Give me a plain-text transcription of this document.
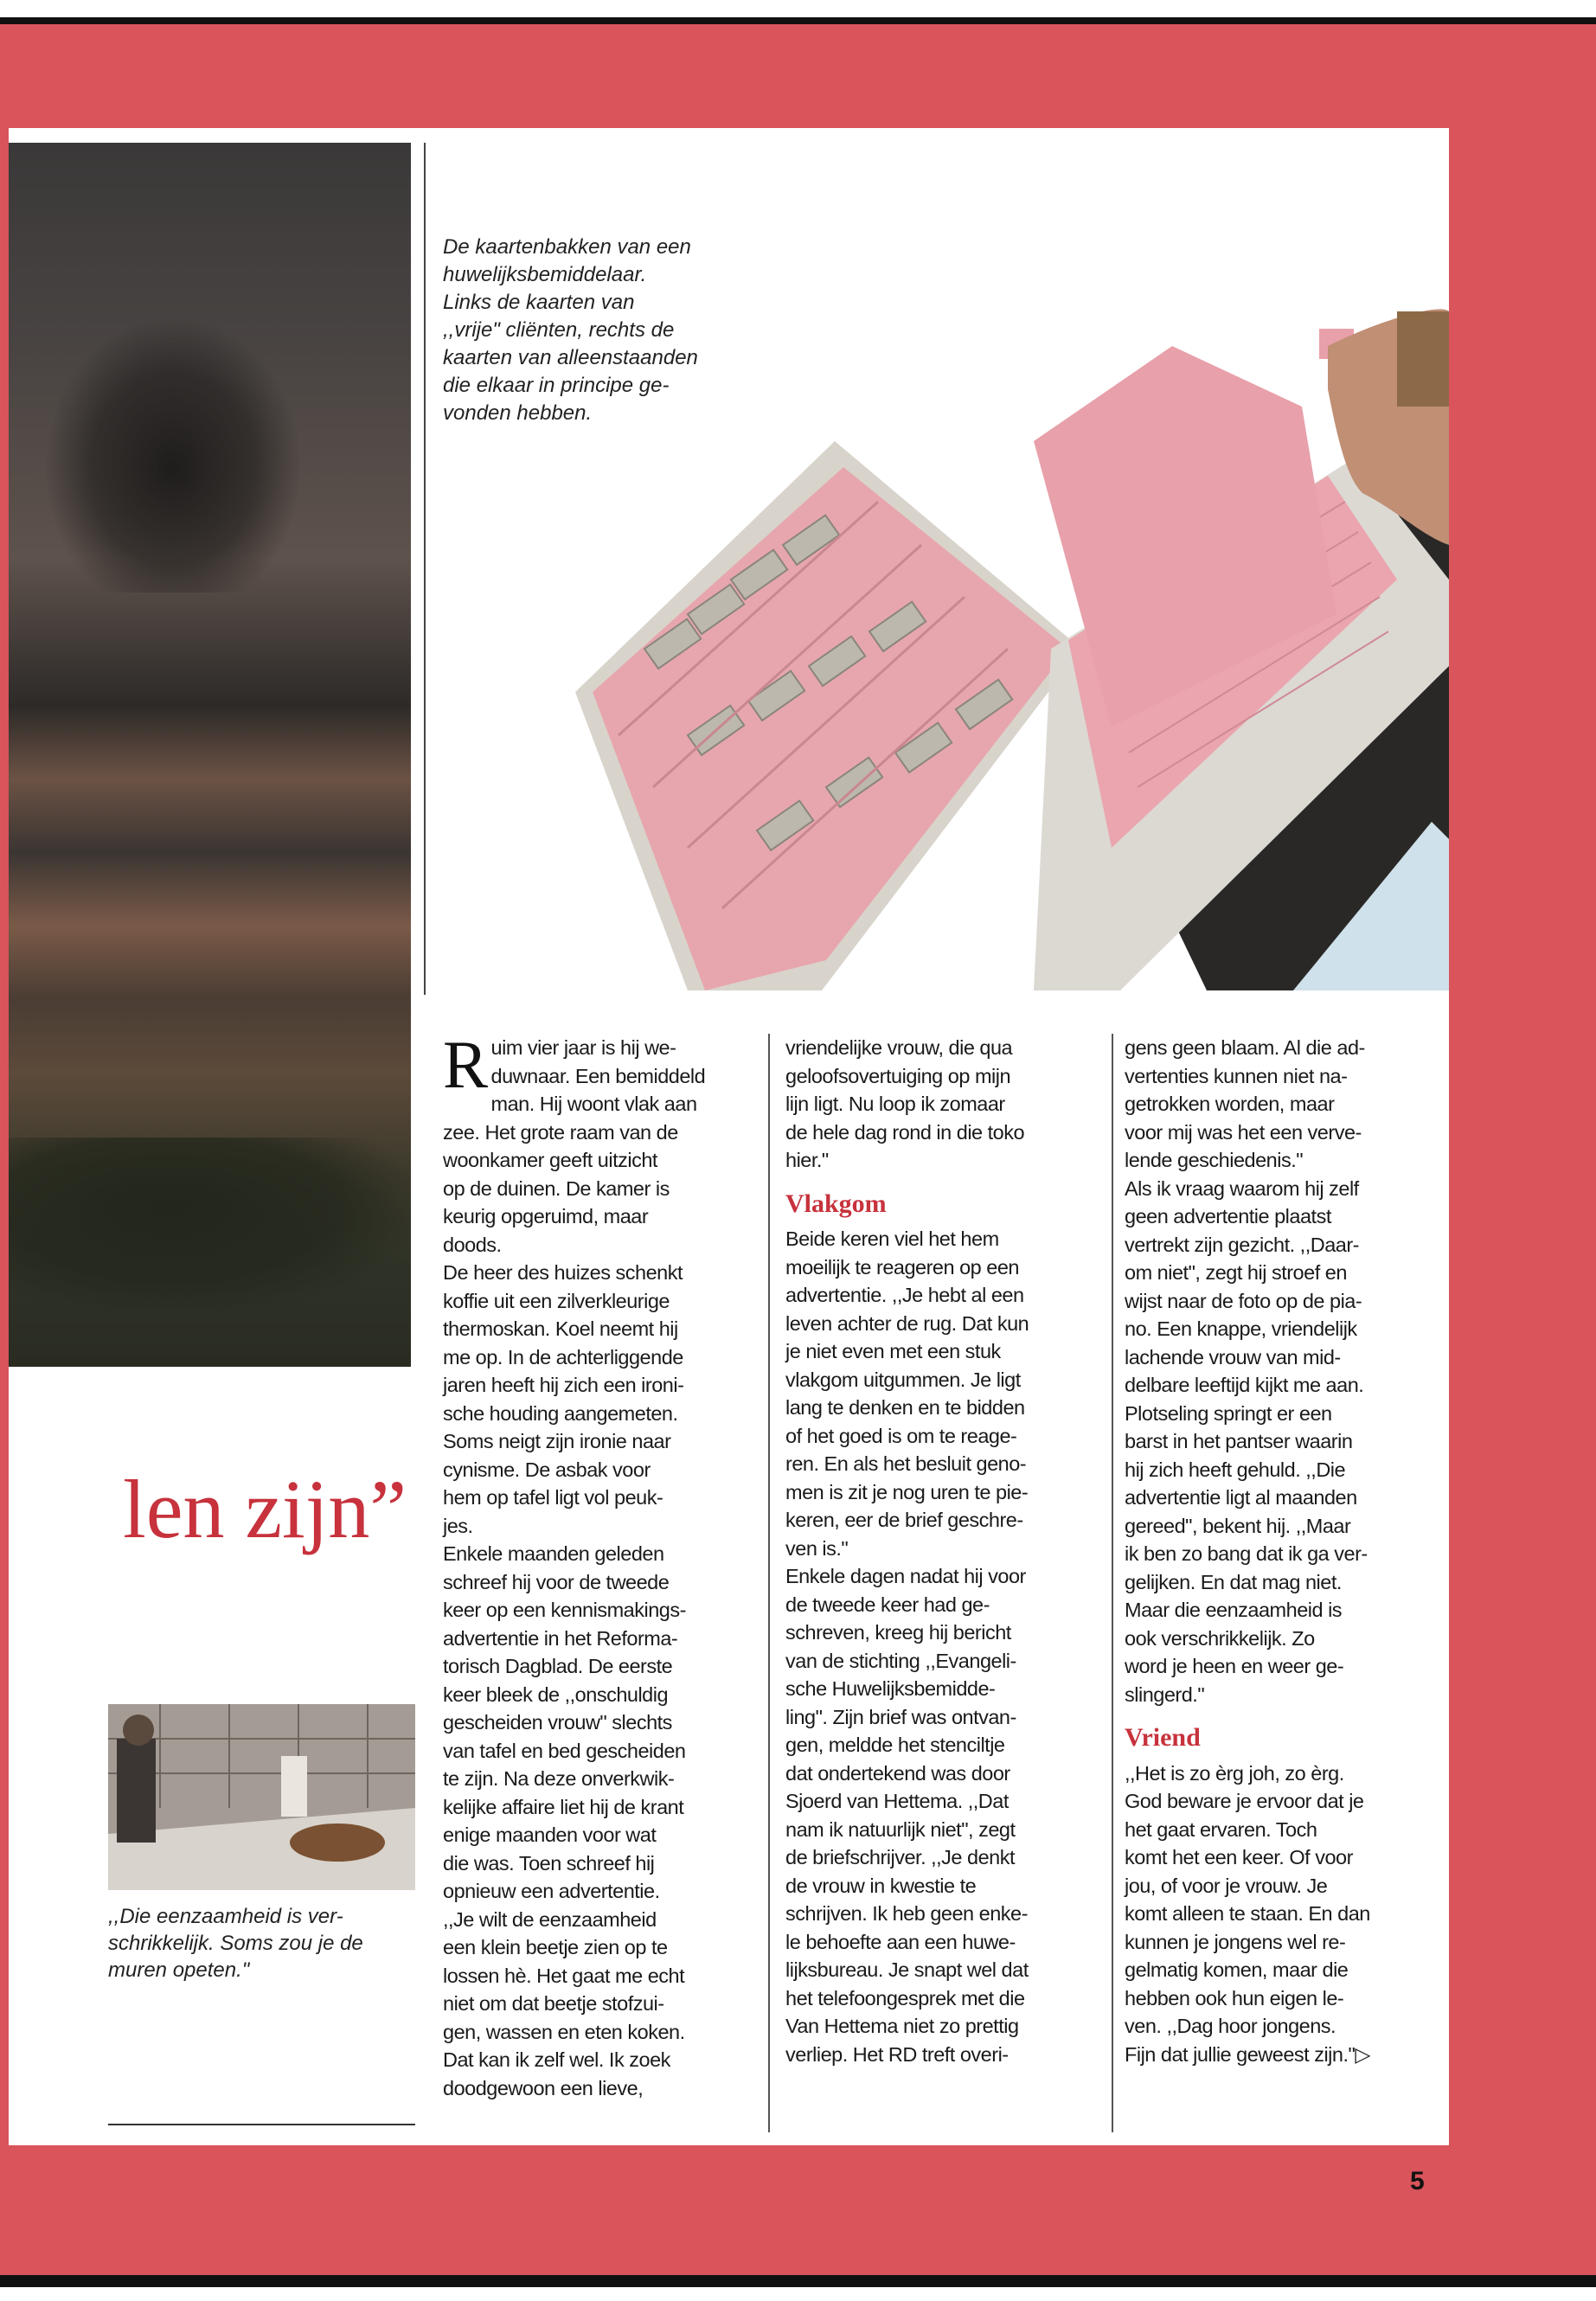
De kaartenbakken van een
huwelijksbemiddelaar.
Links de kaarten van
,,vrije" cliënten, rechts de
kaarten van alleenstaanden
die elkaar in principe ge-
vonden hebben.
len zijn”
,,Die eenzaamheid is ver-
schrikkelijk. Soms zou je de
muren opeten."
R uim vier jaar is hij we-
duwnaar. Een bemiddeld
man. Hij woont vlak aan
zee. Het grote raam van de
woonkamer geeft uitzicht
op de duinen. De kamer is
keurig opgeruimd, maar
doods.
De heer des huizes schenkt
koffie uit een zilverkleurige
thermoskan. Koel neemt hij
me op. In de achterliggende
jaren heeft hij zich een ironi-
sche houding aangemeten.
Soms neigt zijn ironie naar
cynisme. De asbak voor
hem op tafel ligt vol peuk-
jes.
Enkele maanden geleden
schreef hij voor de tweede
keer op een kennismakings-
advertentie in het Reforma-
torisch Dagblad. De eerste
keer bleek de ,,onschuldig
gescheiden vrouw" slechts
van tafel en bed gescheiden
te zijn. Na deze onverkwik-
kelijke affaire liet hij de krant
enige maanden voor wat
die was. Toen schreef hij
opnieuw een advertentie.
,,Je wilt de eenzaamheid
een klein beetje zien op te
lossen hè. Het gaat me echt
niet om dat beetje stofzui-
gen, wassen en eten koken.
Dat kan ik zelf wel. Ik zoek
doodgewoon een lieve,

vriendelijke vrouw, die qua
geloofsovertuiging op mijn
lijn ligt. Nu loop ik zomaar
de hele dag rond in die toko
hier."

Vlakgom

Beide keren viel het hem
moeilijk te reageren op een
advertentie. ,,Je hebt al een
leven achter de rug. Dat kun
je niet even met een stuk
vlakgom uitgummen. Je ligt
lang te denken en te bidden
of het goed is om te reage-
ren. En als het besluit geno-
men is zit je nog uren te pie-
keren, eer de brief geschre-
ven is."
Enkele dagen nadat hij voor
de tweede keer had ge-
schreven, kreeg hij bericht
van de stichting ,,Evangeli-
sche Huwelijksbemidde-
ling". Zijn brief was ontvan-
gen, meldde het stenciltje
dat ondertekend was door
Sjoerd van Hettema. ,,Dat
nam ik natuurlijk niet", zegt
de briefschrijver. ,,Je denkt
de vrouw in kwestie te
schrijven. Ik heb geen enke-
le behoefte aan een huwe-
lijksbureau. Je snapt wel dat
het telefoongesprek met die
Van Hettema niet zo prettig
verliep. Het RD treft overi-

gens geen blaam. Al die ad-
vertenties kunnen niet na-
getrokken worden, maar
voor mij was het een verve-
lende geschiedenis."
Als ik vraag waarom hij zelf
geen advertentie plaatst
vertrekt zijn gezicht. ,,Daar-
om niet", zegt hij stroef en
wijst naar de foto op de pia-
no. Een knappe, vriendelijk
lachende vrouw van mid-
delbare leeftijd kijkt me aan.
Plotseling springt er een
barst in het pantser waarin
hij zich heeft gehuld. ,,Die
advertentie ligt al maanden
gereed", bekent hij. ,,Maar
ik ben zo bang dat ik ga ver-
gelijken. En dat mag niet.
Maar die eenzaamheid is
ook verschrikkelijk. Zo
word je heen en weer ge-
slingerd."

Vriend

,,Het is zo èrg joh, zo èrg.
God beware je ervoor dat je
het gaat ervaren. Toch
komt het een keer. Of voor
jou, of voor je vrouw. Je
komt alleen te staan. En dan
kunnen je jongens wel re-
gelmatig komen, maar die
hebben ook hun eigen le-
ven. ,,Dag hoor jongens.
Fijn dat jullie geweest zijn."▷

5
